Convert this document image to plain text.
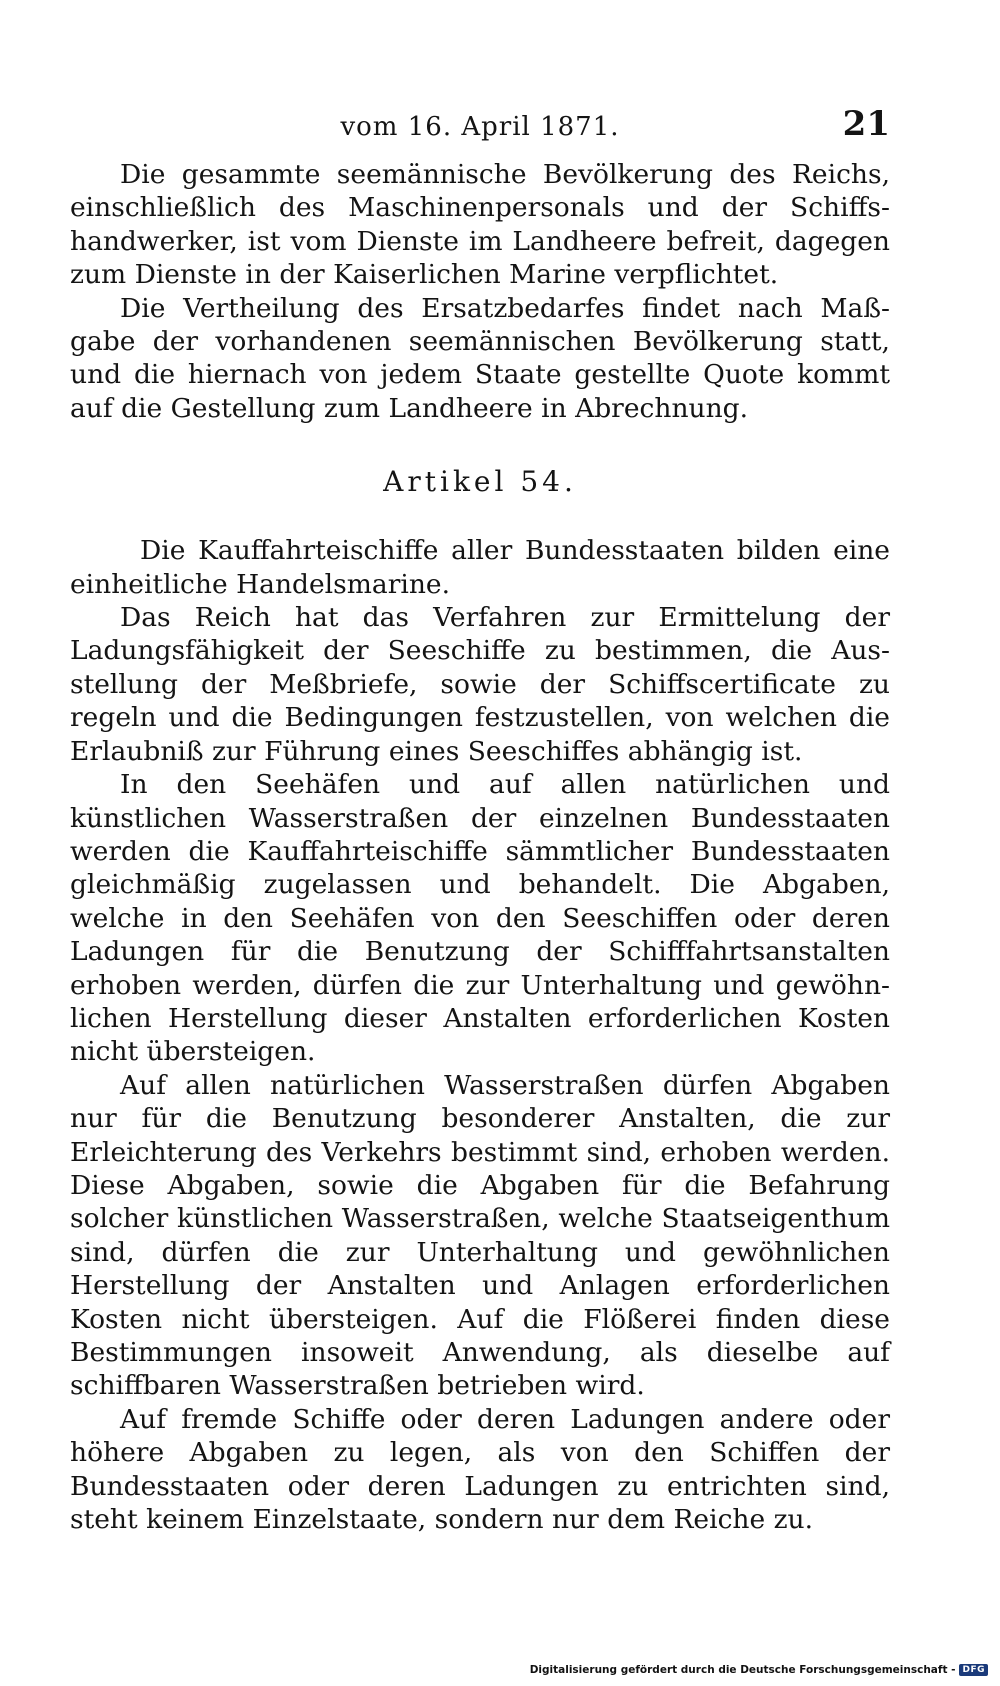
vom 16. April 1871.	21

Die gesammte seemännische Bevölkerung des Reichs, einschließlich des Maschinenpersonals und der Schiffshandwerker, ist vom Dienste im Landheere befreit, dagegen zum Dienste in der Kaiserlichen Marine verpflichtet.

Die Vertheilung des Ersatzbedarfes findet nach Maßgabe der vorhandenen seemännischen Bevölkerung statt, und die hiernach von jedem Staate gestellte Quote kommt auf die Gestellung zum Landheere in Abrechnung.

Artikel 54.

Die Kauffahrteischiffe aller Bundesstaaten bilden eine einheitliche Handelsmarine.

Das Reich hat das Verfahren zur Ermittelung der Ladungsfähigkeit der Seeschiffe zu bestimmen, die Ausstellung der Meßbriefe, sowie der Schiffscertificate zu regeln und die Bedingungen festzustellen, von welchen die Erlaubniß zur Führung eines Seeschiffes abhängig ist.

In den Seehäfen und auf allen natürlichen und künstlichen Wasserstraßen der einzelnen Bundesstaaten werden die Kauffahrteischiffe sämmtlicher Bundesstaaten gleichmäßig zugelassen und behandelt. Die Abgaben, welche in den Seehäfen von den Seeschiffen oder deren Ladungen für die Benutzung der Schifffahrtsanstalten erhoben werden, dürfen die zur Unterhaltung und gewöhnlichen Herstellung dieser Anstalten erforderlichen Kosten nicht übersteigen.

Auf allen natürlichen Wasserstraßen dürfen Abgaben nur für die Benutzung besonderer Anstalten, die zur Erleichterung des Verkehrs bestimmt sind, erhoben werden. Diese Abgaben, sowie die Abgaben für die Befahrung solcher künstlichen Wasserstraßen, welche Staatseigenthum sind, dürfen die zur Unterhaltung und gewöhnlichen Herstellung der Anstalten und Anlagen erforderlichen Kosten nicht übersteigen. Auf die Flößerei finden diese Bestimmungen insoweit Anwendung, als dieselbe auf schiffbaren Wasserstraßen betrieben wird.

Auf fremde Schiffe oder deren Ladungen andere oder höhere Abgaben zu legen, als von den Schiffen der Bundesstaaten oder deren Ladungen zu entrichten sind, steht keinem Einzelstaate, sondern nur dem Reiche zu.

Digitalisierung gefördert durch die Deutsche Forschungsgemeinschaft - DFG
